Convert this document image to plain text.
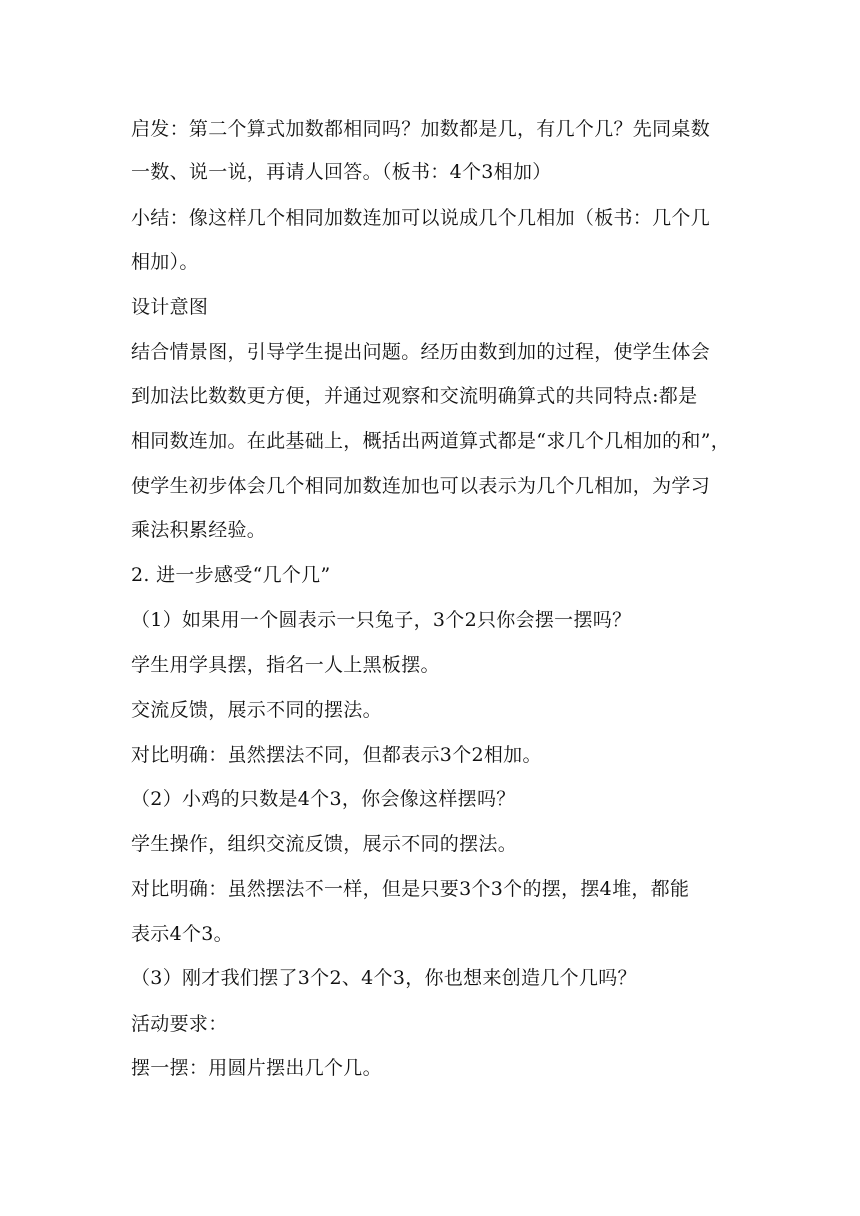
启发：第二个算式加数都相同吗？加数都是几，有几个几？先同桌数
一数、说一说，再请人回答。（板书：4个3相加）
小结：像这样几个相同加数连加可以说成几个几相加（板书：几个几
相加）。
设计意图
结合情景图，引导学生提出问题。经历由数到加的过程，使学生体会
到加法比数数更方便，并通过观察和交流明确算式的共同特点:都是
相同数连加。在此基础上，概括出两道算式都是“求几个几相加的和”，
使学生初步体会几个相同加数连加也可以表示为几个几相加，为学习
乘法积累经验。
2. 进一步感受“几个几”
（1）如果用一个圆表示一只兔子，3个2只你会摆一摆吗？
学生用学具摆，指名一人上黑板摆。
交流反馈，展示不同的摆法。
对比明确：虽然摆法不同，但都表示3个2相加。
（2）小鸡的只数是4个3，你会像这样摆吗？
学生操作，组织交流反馈，展示不同的摆法。
对比明确：虽然摆法不一样，但是只要3个3个的摆，摆4堆，都能
表示4个3。
（3）刚才我们摆了3个2、4个3，你也想来创造几个几吗？
活动要求：
摆一摆：用圆片摆出几个几。
